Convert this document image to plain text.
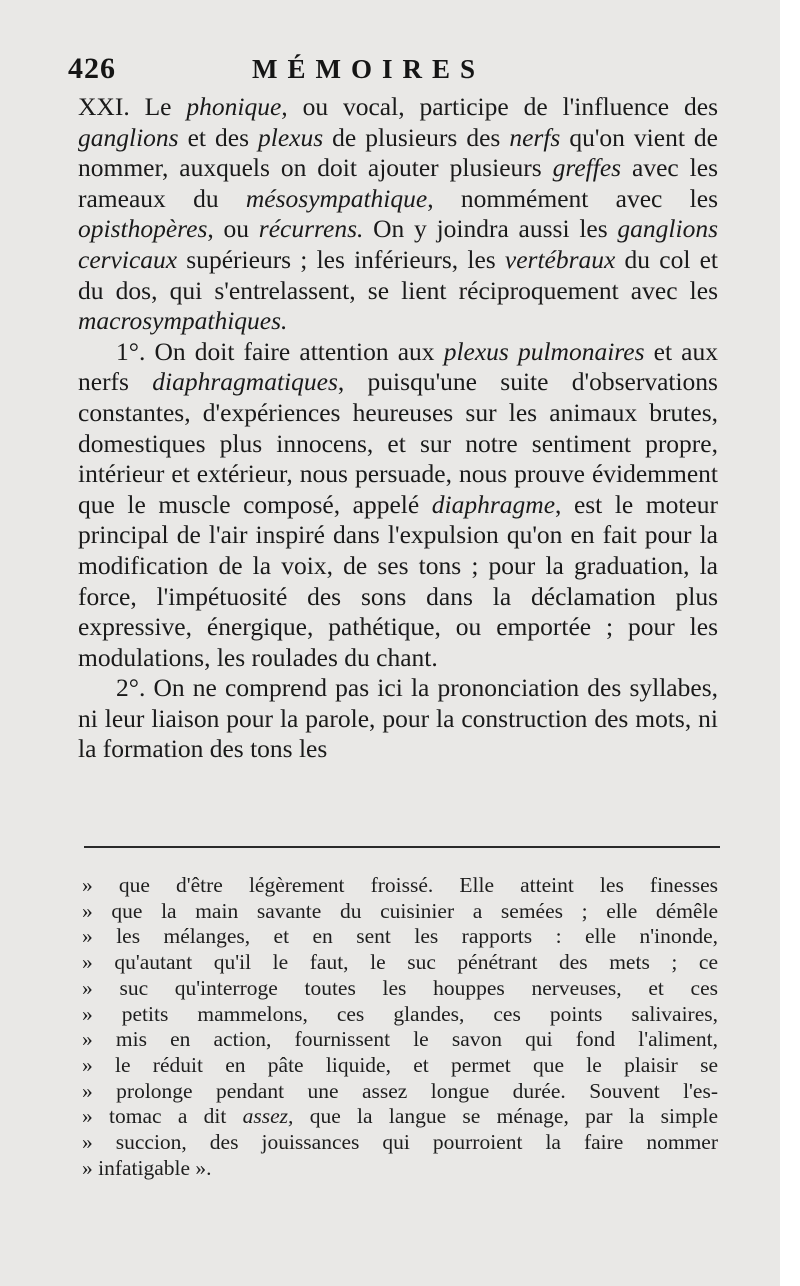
426	MÉMOIRES

XXI. Le phonique, ou vocal, participe de l'influence des ganglions et des plexus de plusieurs des nerfs qu'on vient de nommer, auxquels on doit ajouter plusieurs greffes avec les rameaux du mésosympathique, nommément avec les opisthopères, ou récurrens. On y joindra aussi les ganglions cervicaux supérieurs ; les inférieurs, les vertébraux du col et du dos, qui s'entrelassent, se lient réciproquement avec les macrosympathiques.

1°. On doit faire attention aux plexus pulmonaires et aux nerfs diaphragmatiques, puisqu'une suite d'observations constantes, d'expériences heureuses sur les animaux brutes, domestiques plus innocens, et sur notre sentiment propre, intérieur et extérieur, nous persuade, nous prouve évidemment que le muscle composé, appelé diaphragme, est le moteur principal de l'air inspiré dans l'expulsion qu'on en fait pour la modification de la voix, de ses tons ; pour la graduation, la force, l'impétuosité des sons dans la déclamation plus expressive, énergique, pathétique, ou emportée ; pour les modulations, les roulades du chant.

2°. On ne comprend pas ici la prononciation des syllabes, ni leur liaison pour la parole, pour la construction des mots, ni la formation des tons les

» que d'être légèrement froissé. Elle atteint les finesses
» que la main savante du cuisinier a semées ; elle démêle
» les mélanges, et en sent les rapports : elle n'inonde,
» qu'autant qu'il le faut, le suc pénétrant des mets ; ce
» suc qu'interroge toutes les houppes nerveuses, et ces
» petits mammelons, ces glandes, ces points salivaires,
» mis en action, fournissent le savon qui fond l'aliment,
» le réduit en pâte liquide, et permet que le plaisir se
» prolonge pendant une assez longue durée. Souvent l'es-
» tomac a dit assez, que la langue se ménage, par la simple
» succion, des jouissances qui pourroient la faire nommer
» infatigable ».
